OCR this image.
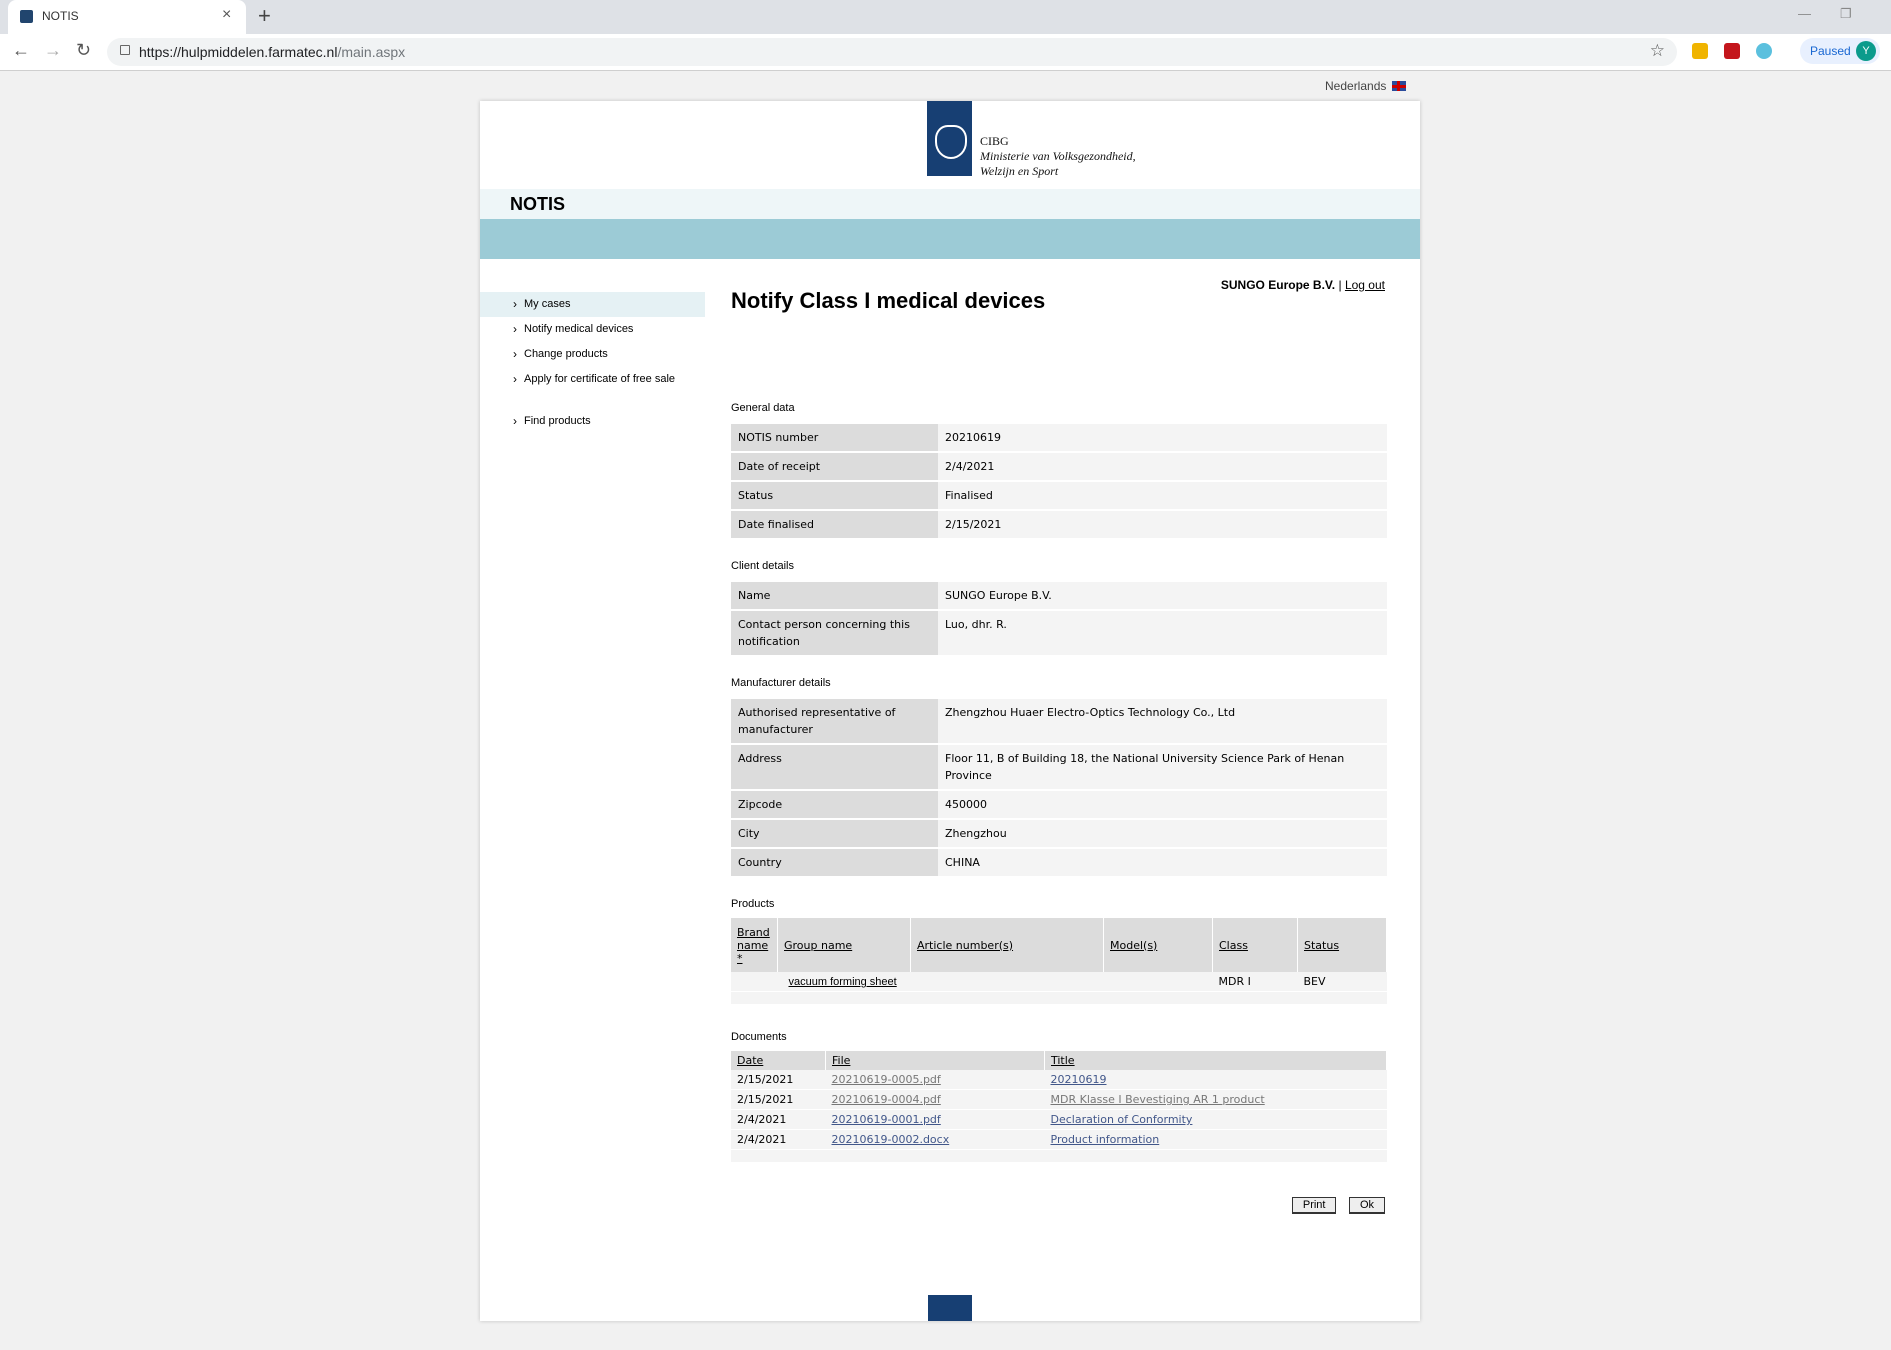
NOTIS	× +	— ❐
← → ↻	https://hulpmiddelen.farmatec.nl/main.aspx	☆	Paused	Y
Nederlands
CIBG
Ministerie van Volksgezondheid,
Welzijn en Sport
NOTIS
SUNGO Europe B.V. | Log out
› My cases
› Notify medical devices
› Change products
› Apply for certificate of free sale
› Find products
Notify Class I medical devices
General data
NOTIS number	20210619
Date of receipt	2/4/2021
Status	Finalised
Date finalised	2/15/2021
Client details
Name	SUNGO Europe B.V.
Contact person concerning this notification	Luo, dhr. R.
Manufacturer details
Authorised representative of manufacturer	Zhengzhou Huaer Electro-Optics Technology Co., Ltd
Address	Floor 11, B of Building 18, the National University Science Park of Henan Province
Zipcode	450000
City	Zhengzhou
Country	CHINA
Products
Brand name *	Group name	Article number(s)	Model(s)	Class	Status
	vacuum forming sheet			MDR I	BEV

Documents
Date	File	Title
2/15/2021	20210619-0005.pdf	20210619
2/15/2021	20210619-0004.pdf	MDR Klasse I Bevestiging AR 1 product
2/4/2021	20210619-0001.pdf	Declaration of Conformity
2/4/2021	20210619-0002.docx	Product information

Print	Ok
